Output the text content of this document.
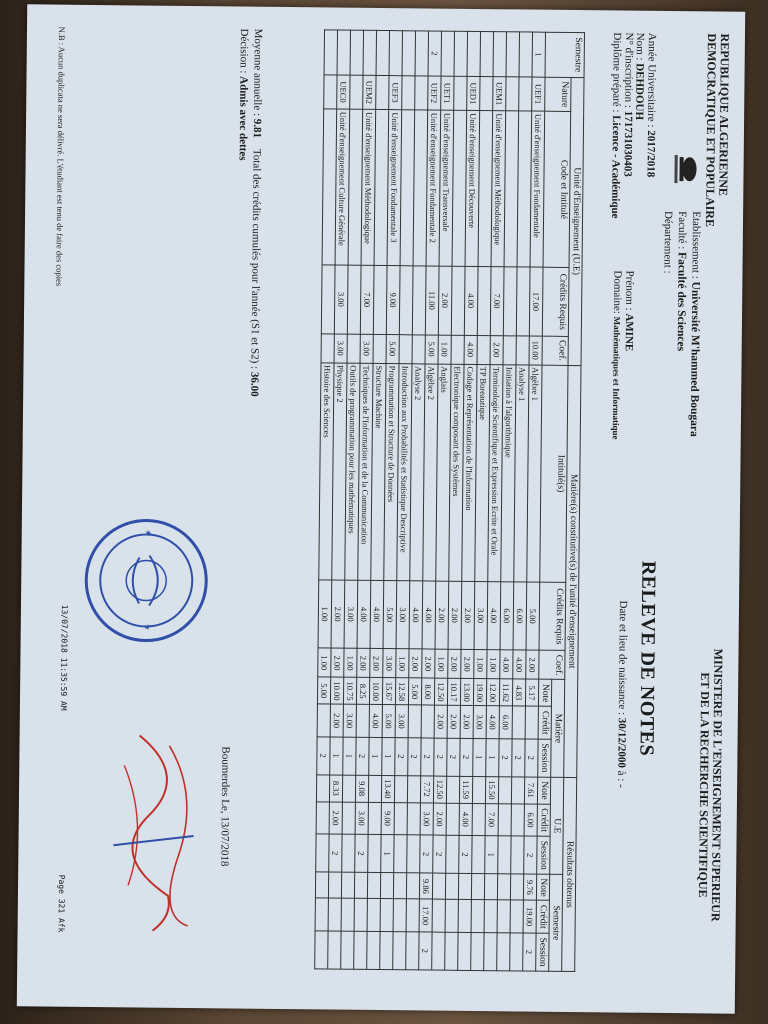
REPUBLIQUE ALGERIENNE
DEMOCRATIQUE ET POPULAIRE
MINISTERE DE L'ENSEIGNEMENT SUPERIEUR
ET DE LA RECHERCHE SCIENTIFIQUE
Etablissement : Université M'hammed Bougara
Faculté : Faculté des Sciences
Département :
RELEVE DE NOTES
Année Universitaire : 2017/2018
Nom : DEHDOUH
N° d'inscription : 171731030403
Diplôme préparé : Licence - Académique
Prénom : AMINE
Domaine: Mathématiques et Informatique
Date et lieu de naissance : 30/12/2000 à : -
Semestre	Unité d'Enseignement (U.E)				Matière(s) constitutive(s) de l'unité d'enseignement						Résultats obtenus					
	Nature	Code et Intitulé	Crédits Requis	Coef.	Intitulé(s)	Crédits Requis	Coef.	Matière			U.E			Semestre		
								Note	Crédit	Session	Note	Crédit	Session	Note	Crédit	Session
1	UEF1	Unité d'enseignement Fondamentale	17.00	10.00	Algèbre 1	5.00	2.00	5.17		2	7.61	6.00	2	9.76	19.00	2
					Analyse 1	6.00	4.00	4.83		2						
					Initiation à l'algorithmique	6.00	4.00	11.62	6.00	2						
	UEM1	Unité d'enseignement Méthodologique	7.00	2.00	Terminologie Scientifique et Expression Ecrite et Orale	4.00	1.00	12.00	4.00	1	15.50	7.00	1			
					TP Bureautique	3.00	1.00	19.00	3.00	1						
	UED1	Unité d'enseignement Découverte	4.00	4.00	Codage et Représentation de l'Information	2.00	2.00	13.00	2.00	2	11.59	4.00	2			
					Electronique composant des Systèmes	2.00	2.00	10.17	2.00	2						
	UET1	Unité d'enseignement Transversale	2.00	1.00	Anglais	2.00	1.00	12.50	2.00	2	12.50	2.00	2			
2	UEF2	Unité d'enseignement Fondamentale 2	11.00	5.00	Algèbre 2	4.00	2.00	8.00		2	7.72	3.00	2	9.86	17.00	2
					Analyse 2	4.00	2.00	5.00		2						
					Introduction aux Probabilités et Statistique Descriptive	3.00	1.00	12.58	3.00	2						
	UEF3	Unité d'enseignement Fondamentale 3	9.00	5.00	Programmation et Structure de Données	5.00	3.00	15.67	5.00	1	13.40	9.00	1			
					Structure Machine	4.00	2.00	10.00	4.00	1						
	UEM2	Unité d'enseignement Méthodologique	7.00	3.00	Techniques de l'Information et de la Communication	4.00	2.00	8.25		2	9.08	3.00	2			
					Outils de programmation pour les mathématiques	3.00	1.00	10.75	3.00	1						
	UEC0	Unité d'enseignement Culture Générale	3.00	3.00	Physique 2	2.00	2.00	10.00	2.00	1	8.33	2.00	2			
					Histoire des Sciences	1.00	1.00	5.00		2						
Moyenne annuelle : 9.81    Total des crédits cumulés pour l'année (S1 et S2) : 36.00
Décision : Admis avec dettes
Boumerdes Le, 13/07/2018
★
★
13/07/2018 11:35:59 AM
Page 321 Afk
N.B : Aucun duplicata ne sera délivré. L'étudiant est tenu de faire des copies
